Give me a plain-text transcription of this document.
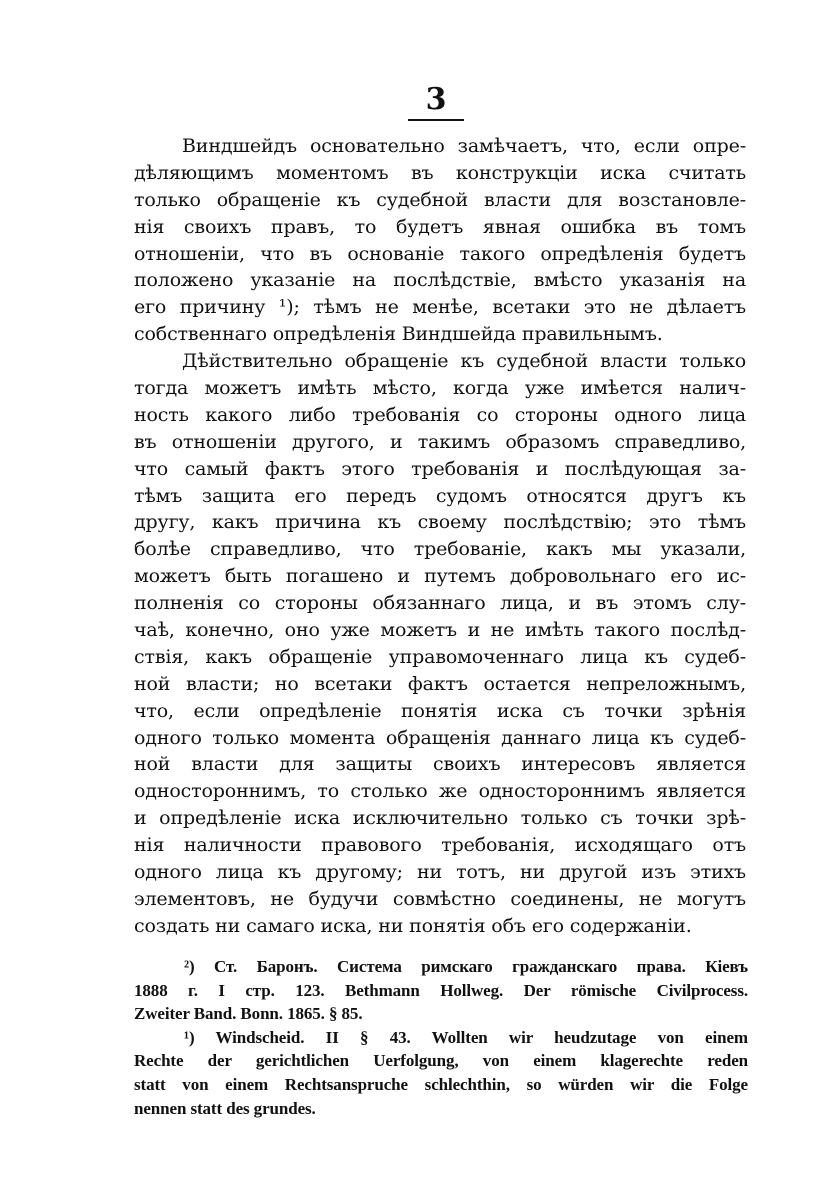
3
Виндшейдъ основательно замѣчаетъ, что, если опре-
дѣляющимъ моментомъ въ конструкціи иска считать
только обращеніе къ судебной власти для возстановле-
нія своихъ правъ, то будетъ явная ошибка въ томъ
отношеніи, что въ основаніе такого опредѣленія будетъ
положено указаніе на послѣдствіе, вмѣсто указанія на
его причину ¹); тѣмъ не менѣе, всетаки это не дѣлаетъ
собственнаго опредѣленія Виндшейда правильнымъ.
Дѣйствительно обращеніе къ судебной власти только
тогда можетъ имѣть мѣсто, когда уже имѣется налич-
ность какого либо требованія со стороны одного лица
въ отношеніи другого, и такимъ образомъ справедливо,
что самый фактъ этого требованія и послѣдующая за-
тѣмъ защита его передъ судомъ относятся другъ къ
другу, какъ причина къ своему послѣдствію; это тѣмъ
болѣе справедливо, что требованіе, какъ мы указали,
можетъ быть погашено и путемъ добровольнаго его ис-
полненія со стороны обязаннаго лица, и въ этомъ слу-
чаѣ, конечно, оно уже можетъ и не имѣть такого послѣд-
ствія, какъ обращеніе управомоченнаго лица къ судеб-
ной власти; но всетаки фактъ остается непреложнымъ,
что, если опредѣленіе понятія иска съ точки зрѣнія
одного только момента обращенія даннаго лица къ судеб-
ной власти для защиты своихъ интересовъ является
одностороннимъ, то столько же одностороннимъ является
и опредѣленіе иска исключительно только съ точки зрѣ-
нія наличности правового требованія, исходящаго отъ
одного лица къ другому; ни тотъ, ни другой изъ этихъ
элементовъ, не будучи совмѣстно соединены, не могутъ
создать ни самаго иска, ни понятія объ его содержаніи.
²) Ст. Баронъ. Система римскаго гражданскаго права. Кіевъ
1888 г. I стр. 123. Bethmann Hollweg. Der römische Civilprocess.
Zweiter Band. Bonn. 1865. § 85.
¹) Windscheid. II § 43. Wollten wir heudzutage von einem
Rechte der gerichtlichen Uerfolgung, von einem klagerechte reden
statt von einem Rechtsanspruche schlechthin, so würden wir die Folge
nennen statt des grundes.
